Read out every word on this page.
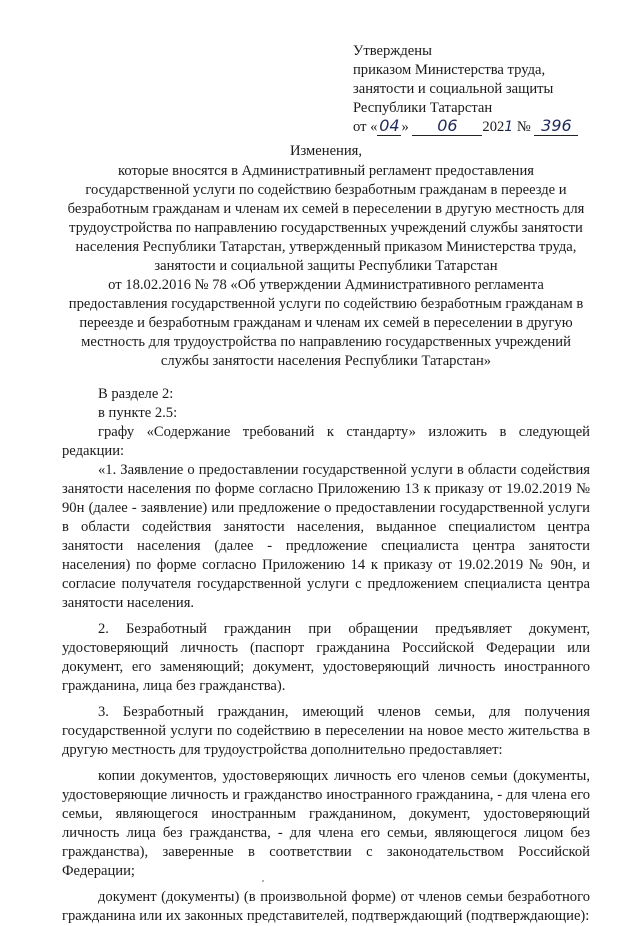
Утверждены
приказом Министерства труда,
занятости и социальной защиты
Республики Татарстан
от « 04 » 06 2021 № 396
Изменения,
которые вносятся в Административный регламент предоставления
государственной услуги по содействию безработным гражданам в переезде и
безработным гражданам и членам их семей в переселении в другую местность для
трудоустройства по направлению государственных учреждений службы занятости
населения Республики Татарстан, утвержденный приказом Министерства труда,
занятости и социальной защиты Республики Татарстан
от 18.02.2016 № 78 «Об утверждении Административного регламента
предоставления государственной услуги по содействию безработным гражданам в
переезде и безработным гражданам и членам их семей в переселении в другую
местность для трудоустройства по направлению государственных учреждений
службы занятости населения Республики Татарстан»

В разделе 2:

в пункте 2.5:

графу «Содержание требований к стандарту» изложить в следующей редакции:

«1. Заявление о предоставлении государственной услуги в области содействия занятости населения по форме согласно Приложению 13 к приказу от 19.02.2019 № 90н (далее - заявление) или предложение о предоставлении государственной услуги в области содействия занятости населения, выданное специалистом центра занятости населения (далее - предложение специалиста центра занятости населения) по форме согласно Приложению 14 к приказу от 19.02.2019 № 90н, и согласие получателя государственной услуги с предложением специалиста центра занятости населения.

2. Безработный гражданин при обращении предъявляет документ, удостоверяющий личность (паспорт гражданина Российской Федерации или документ, его заменяющий; документ, удостоверяющий личность иностранного гражданина, лица без гражданства).

3. Безработный гражданин, имеющий членов семьи, для получения государственной услуги по содействию в переселении на новое место жительства в другую местность для трудоустройства дополнительно предоставляет:

копии документов, удостоверяющих личность его членов семьи (документы, удостоверяющие личность и гражданство иностранного гражданина, - для члена его семьи, являющегося иностранным гражданином, документ, удостоверяющий личность лица без гражданства, - для члена его семьи, являющегося лицом без гражданства), заверенные в соответствии с законодательством Российской Федерации;

документ (документы) (в произвольной форме) от членов семьи безработного гражданина или их законных представителей, подтверждающий (подтверждающие):
